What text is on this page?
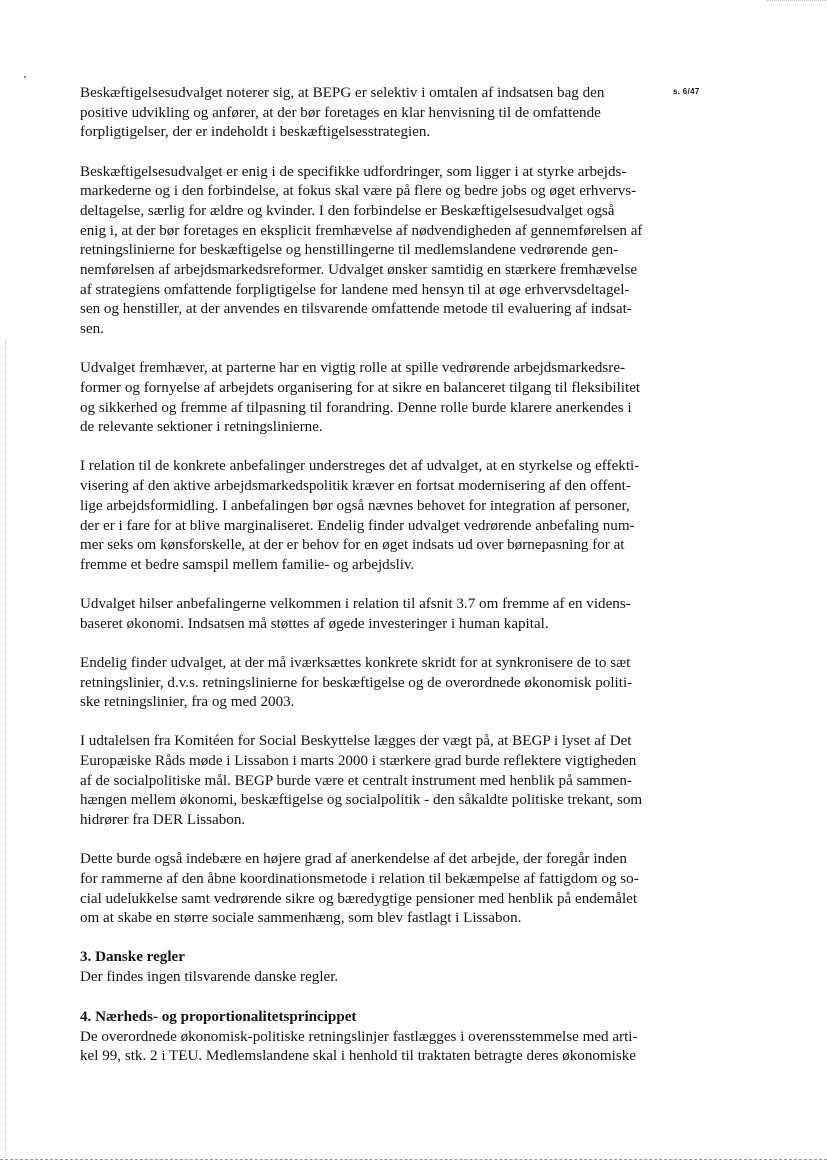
s. 6/47

Beskæftigelsesudvalget noterer sig, at BEPG er selektiv i omtalen af indsatsen bag den
positive udvikling og anfører, at der bør foretages en klar henvisning til de omfattende
forpligtigelser, der er indeholdt i beskæftigelsesstrategien.

Beskæftigelsesudvalget er enig i de specifikke udfordringer, som ligger i at styrke arbejds-
markederne og i den forbindelse, at fokus skal være på flere og bedre jobs og øget erhvervs-
deltagelse, særlig for ældre og kvinder. I den forbindelse er Beskæftigelsesudvalget også
enig i, at der bør foretages en eksplicit fremhævelse af nødvendigheden af gennemførelsen af
retningslinierne for beskæftigelse og henstillingerne til medlemslandene vedrørende gen-
nemførelsen af arbejdsmarkedsreformer. Udvalget ønsker samtidig en stærkere fremhævelse
af strategiens omfattende forpligtigelse for landene med hensyn til at øge erhvervsdeltagel-
sen og henstiller, at der anvendes en tilsvarende omfattende metode til evaluering af indsat-
sen.

Udvalget fremhæver, at parterne har en vigtig rolle at spille vedrørende arbejdsmarkedsre-
former og fornyelse af arbejdets organisering for at sikre en balanceret tilgang til fleksibilitet
og sikkerhed og fremme af tilpasning til forandring. Denne rolle burde klarere anerkendes i
de relevante sektioner i retningslinierne.

I relation til de konkrete anbefalinger understreges det af udvalget, at en styrkelse og effekti-
visering af den aktive arbejdsmarkedspolitik kræver en fortsat modernisering af den offent-
lige arbejdsformidling. I anbefalingen bør også nævnes behovet for integration af personer,
der er i fare for at blive marginaliseret. Endelig finder udvalget vedrørende anbefaling num-
mer seks om kønsforskelle, at der er behov for en øget indsats ud over børnepasning for at
fremme et bedre samspil mellem familie- og arbejdsliv.

Udvalget hilser anbefalingerne velkommen i relation til afsnit 3.7 om fremme af en videns-
baseret økonomi. Indsatsen må støttes af øgede investeringer i human kapital.

Endelig finder udvalget, at der må iværksættes konkrete skridt for at synkronisere de to sæt
retningslinier, d.v.s. retningslinierne for beskæftigelse og de overordnede økonomisk politi-
ske retningslinier, fra og med 2003.

I udtalelsen fra Komitéen for Social Beskyttelse lægges der vægt på, at BEGP i lyset af Det
Europæiske Råds møde i Lissabon i marts 2000 i stærkere grad burde reflektere vigtigheden
af de socialpolitiske mål. BEGP burde være et centralt instrument med henblik på sammen-
hængen mellem økonomi, beskæftigelse og socialpolitik - den såkaldte politiske trekant, som
hidrører fra DER Lissabon.

Dette burde også indebære en højere grad af anerkendelse af det arbejde, der foregår inden
for rammerne af den åbne koordinationsmetode i relation til bekæmpelse af fattigdom og so-
cial udelukkelse samt vedrørende sikre og bæredygtige pensioner med henblik på endemålet
om at skabe en større sociale sammenhæng, som blev fastlagt i Lissabon.

3. Danske regler
Der findes ingen tilsvarende danske regler.
4. Nærheds- og proportionalitetsprincippet
De overordnede økonomisk-politiske retningslinjer fastlægges i overensstemmelse med arti-
kel 99, stk. 2 i TEU. Medlemslandene skal i henhold til traktaten betragte deres økonomiske
